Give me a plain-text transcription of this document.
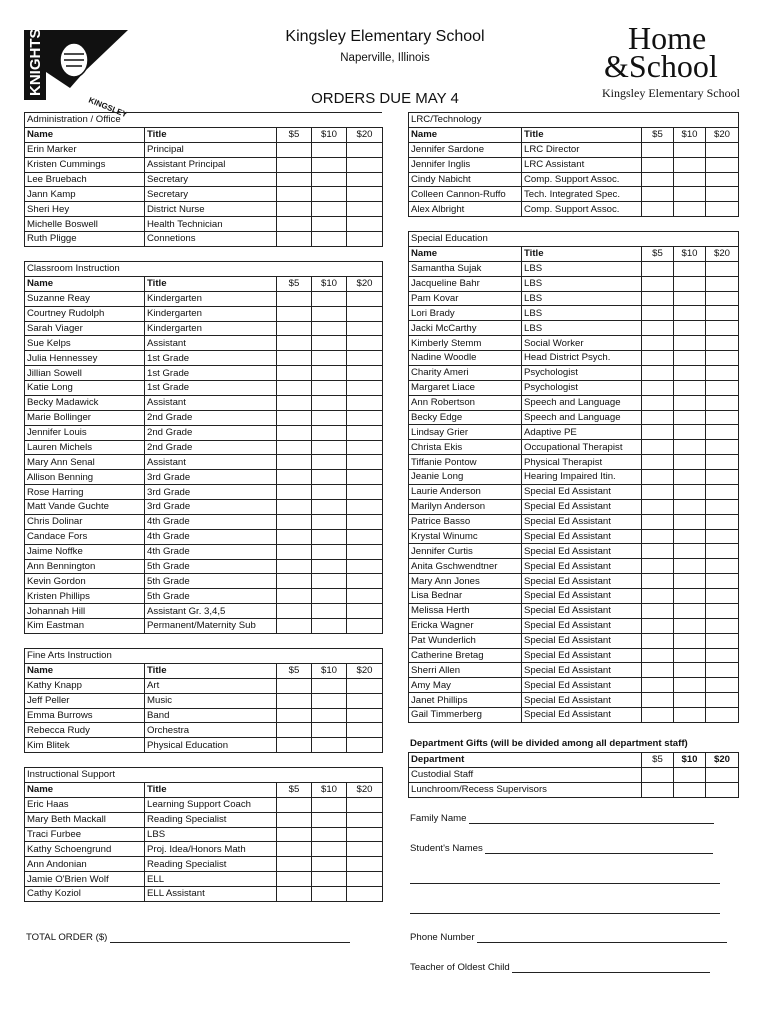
KNIGHTS
KINGSLEY
Kingsley Elementary School
Naperville, Illinois
ORDERS DUE MAY 4
Home
&School
Kingsley Elementary School
Administration / Office				
Name	Title	$5	$10	$20
Erin Marker	Principal			
Kristen Cummings	Assistant Principal			
Lee Bruebach	Secretary			
Jann Kamp	Secretary			
Sheri Hey	District Nurse			
Michelle Boswell	Health Technician			
Ruth Pligge	Connetions			
Classroom Instruction				
Name	Title	$5	$10	$20
Suzanne Reay	Kindergarten			
Courtney Rudolph	Kindergarten			
Sarah Viager	Kindergarten			
Sue Kelps	Assistant			
Julia Hennessey	1st Grade			
Jillian Sowell	1st Grade			
Katie Long	1st Grade			
Becky Madawick	Assistant			
Marie Bollinger	2nd Grade			
Jennifer Louis	2nd Grade			
Lauren Michels	2nd Grade			
Mary Ann Senal	Assistant			
Allison Benning	3rd Grade			
Rose Harring	3rd Grade			
Matt Vande Guchte	3rd Grade			
Chris Dolinar	4th Grade			
Candace Fors	4th Grade			
Jaime Noffke	4th Grade			
Ann Bennington	5th Grade			
Kevin Gordon	5th Grade			
Kristen Phillips	5th Grade			
Johannah Hill	Assistant Gr. 3,4,5			
Kim Eastman	Permanent/Maternity Sub			
Fine Arts Instruction				
Name	Title	$5	$10	$20
Kathy Knapp	Art			
Jeff Peller	Music			
Emma Burrows	Band			
Rebecca Rudy	Orchestra			
Kim Blitek	Physical Education			
Instructional Support				
Name	Title	$5	$10	$20
Eric Haas	Learning Support Coach			
Mary Beth Mackall	Reading Specialist			
Traci Furbee	LBS			
Kathy Schoengrund	Proj. Idea/Honors Math			
Ann Andonian	Reading Specialist			
Jamie O'Brien Wolf	ELL			
Cathy Koziol	ELL Assistant			
LRC/Technology				
Name	Title	$5	$10	$20
Jennifer Sardone	LRC Director			
Jennifer Inglis	LRC Assistant			
Cindy Nabicht	Comp. Support Assoc.			
Colleen Cannon-Ruffo	Tech. Integrated Spec.			
Alex Albright	Comp. Support Assoc.			
Special Education				
Name	Title	$5	$10	$20
Samantha Sujak	LBS			
Jacqueline Bahr	LBS			
Pam Kovar	LBS			
Lori Brady	LBS			
Jacki McCarthy	LBS			
Kimberly Stemm	Social Worker			
Nadine Woodle	Head District Psych.			
Charity Ameri	Psychologist			
Margaret Liace	Psychologist			
Ann Robertson	Speech and Language			
Becky Edge	Speech and Language			
Lindsay Grier	Adaptive PE			
Christa Ekis	Occupational Therapist			
Tiffanie Pontow	Physical Therapist			
Jeanie Long	Hearing Impaired Itin.			
Laurie Anderson	Special Ed Assistant			
Marilyn Anderson	Special Ed Assistant			
Patrice Basso	Special Ed Assistant			
Krystal Winumc	Special Ed Assistant			
Jennifer Curtis	Special Ed Assistant			
Anita Gschwendtner	Special Ed Assistant			
Mary Ann Jones	Special Ed Assistant			
Lisa Bednar	Special Ed Assistant			
Melissa Herth	Special Ed Assistant			
Ericka Wagner	Special Ed Assistant			
Pat Wunderlich	Special Ed Assistant			
Catherine Bretag	Special Ed Assistant			
Sherri Allen	Special Ed Assistant			
Amy May	Special Ed Assistant			
Janet Phillips	Special Ed Assistant			
Gail Timmerberg	Special Ed Assistant			
Department Gifts (will be divided among all department staff)
Department	$5	$10	$20
Custodial Staff			
Lunchroom/Recess Supervisors			
Family Name
Student's Names
Phone Number
Teacher of Oldest Child
TOTAL ORDER ($)
